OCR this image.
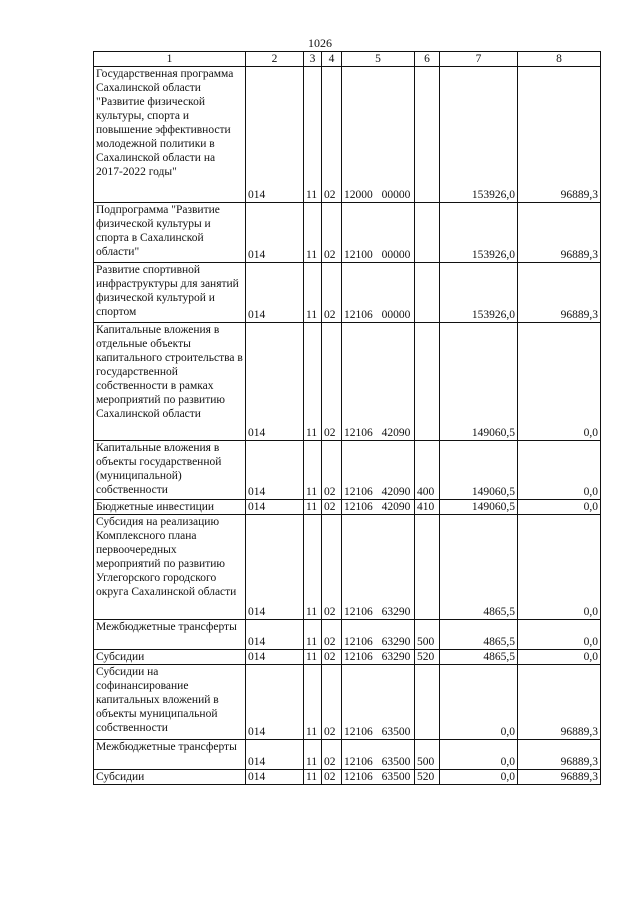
1026
1	2	3	4	5	6	7	8
Государственная программа Сахалинской области "Развитие физической культуры, спорта и повышение эффективности молодежной политики в Сахалинской области на 2017-2022 годы"	014	11	02	12000 00000		153926,0	96889,3
Подпрограмма "Развитие физической культуры и спорта в Сахалинской области"	014	11	02	12100 00000		153926,0	96889,3
Развитие спортивной инфраструктуры для занятий физической культурой и спортом	014	11	02	12106 00000		153926,0	96889,3
Капитальные вложения в отдельные объекты капитального строительства в государственной собственности в рамках мероприятий по развитию Сахалинской области	014	11	02	12106 42090		149060,5	0,0
Капитальные вложения в объекты государственной (муниципальной) собственности	014	11	02	12106 42090	400	149060,5	0,0
Бюджетные инвестиции	014	11	02	12106 42090	410	149060,5	0,0
Субсидия на реализацию Комплексного плана первоочередных мероприятий по развитию Углегорского городского округа Сахалинской области	014	11	02	12106 63290		4865,5	0,0
Межбюджетные трансферты	014	11	02	12106 63290	500	4865,5	0,0
Субсидии	014	11	02	12106 63290	520	4865,5	0,0
Субсидии на софинансирование капитальных вложений в объекты муниципальной собственности	014	11	02	12106 63500		0,0	96889,3
Межбюджетные трансферты	014	11	02	12106 63500	500	0,0	96889,3
Субсидии	014	11	02	12106 63500	520	0,0	96889,3
